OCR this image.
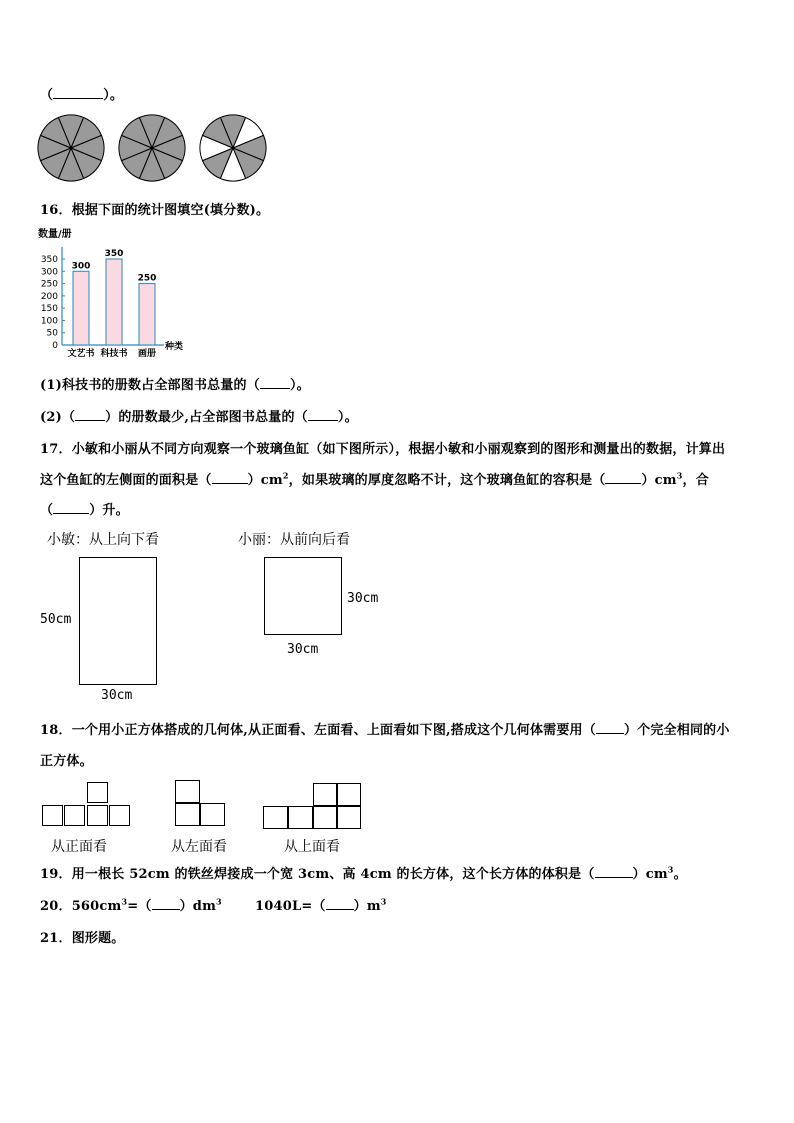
（	）。
16．根据下面的统计图填空(填分数)。
数量/册
350
300
250
200
150
100
50
0
300
文艺书
350
科技书
250
画册
种类
(1)科技书的册数占全部图书总量的（ ）。
(2)（ ）的册数最少,占全部图书总量的（ ）。
17．小敏和小丽从不同方向观察一个玻璃鱼缸（如下图所示），根据小敏和小丽观察到的图形和测量出的数据，计算出
这个鱼缸的左侧面的面积是（	）$cm^2$，如果玻璃的厚度忽略不计，这个玻璃鱼缸的容积是（	）$cm^3$，合
（	）升。
小敏：从上向下看	小丽：从前向后看
50cm
30cm
30cm
30cm
18．一个用小正方体搭成的几何体,从正面看、左面看、上面看如下图,搭成这个几何体需要用（ ）个完全相同的小
正方体。
从正面看	从左面看	从上面看
19．用一根长 52cm 的铁丝焊接成一个宽 3cm、高 4cm 的长方体，这个长方体的体积是（	）$cm^3$。
20．$560cm^3=$（ ）$dm^3$	1040L=（ ）$m^3$
21．图形题。
